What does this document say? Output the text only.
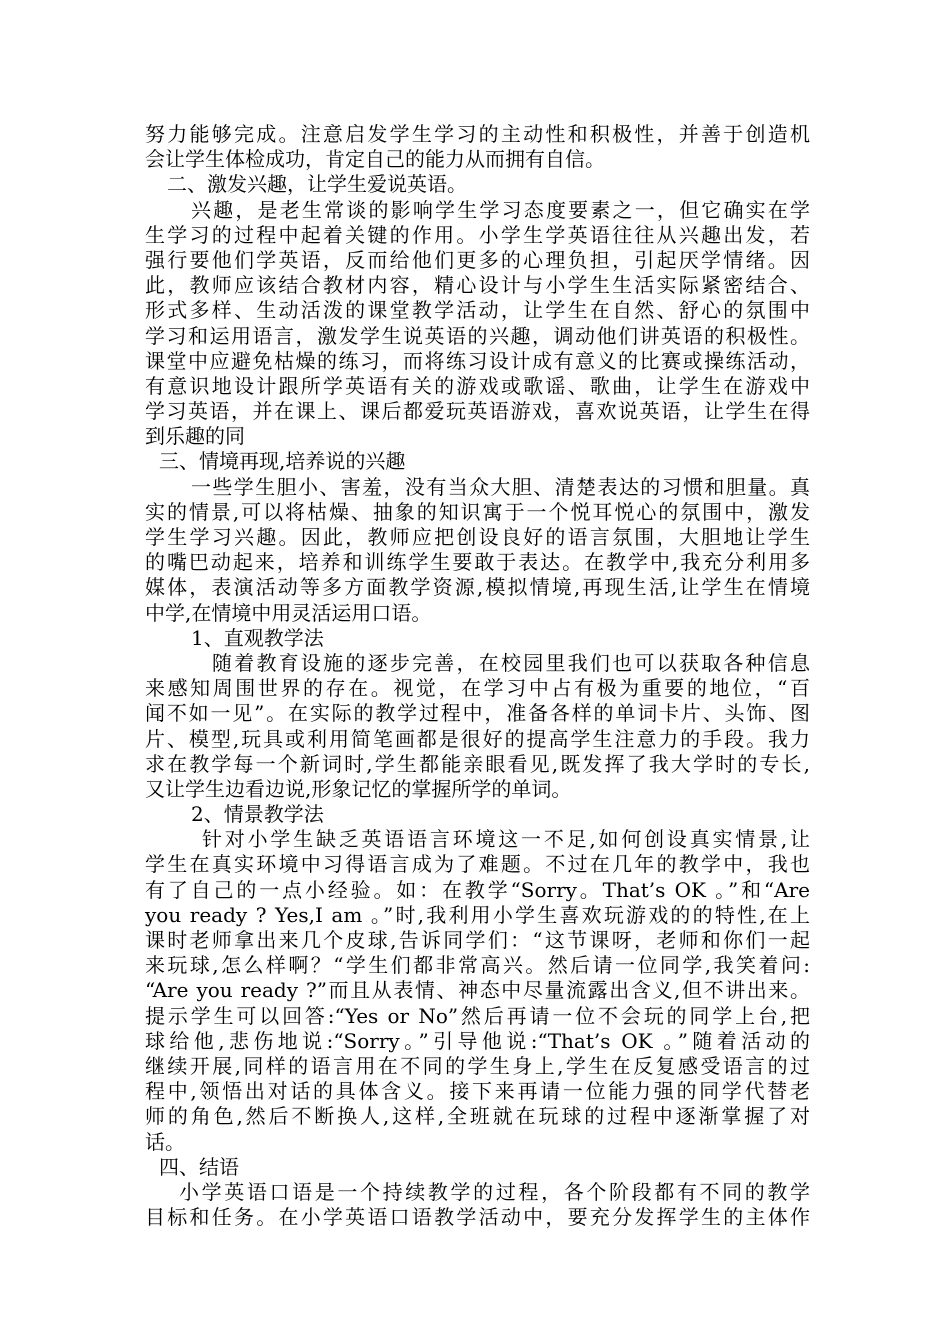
努力能够完成。注意启发学生学习的主动性和积极性，并善于创造机
会让学生体检成功，肯定自己的能力从而拥有自信。
二、激发兴趣，让学生爱说英语。
兴趣，是老生常谈的影响学生学习态度要素之一，但它确实在学
生学习的过程中起着关键的作用。小学生学英语往往从兴趣出发，若
强行要他们学英语，反而给他们更多的心理负担，引起厌学情绪。因
此，教师应该结合教材内容，精心设计与小学生生活实际紧密结合、
形式多样、生动活泼的课堂教学活动，让学生在自然、舒心的氛围中
学习和运用语言，激发学生说英语的兴趣，调动他们讲英语的积极性。
课堂中应避免枯燥的练习，而将练习设计成有意义的比赛或操练活动，
有意识地设计跟所学英语有关的游戏或歌谣、歌曲，让学生在游戏中
学习英语，并在课上、课后都爱玩英语游戏，喜欢说英语，让学生在得
到乐趣的同
三、情境再现,培养说的兴趣
一些学生胆小、害羞，没有当众大胆、清楚表达的习惯和胆量。真
实的情景,可以将枯燥、抽象的知识寓于一个悦耳悦心的氛围中，激发
学生学习兴趣。因此，教师应把创设良好的语言氛围，大胆地让学生
的嘴巴动起来，培养和训练学生要敢于表达。在教学中,我充分利用多
媒体，表演活动等多方面教学资源,模拟情境,再现生活,让学生在情境
中学,在情境中用灵活运用口语。
1、直观教学法
随着教育设施的逐步完善，在校园里我们也可以获取各种信息
来感知周围世界的存在。视觉，在学习中占有极为重要的地位，“百
闻不如一见”。在实际的教学过程中，准备各样的单词卡片、头饰、图
片、模型,玩具或利用简笔画都是很好的提高学生注意力的手段。我力
求在教学每一个新词时,学生都能亲眼看见,既发挥了我大学时的专长,
又让学生边看边说,形象记忆的掌握所学的单词。
2、情景教学法
针对小学生缺乏英语语言环境这一不足,如何创设真实情景,让
学生在真实环境中习得语言成为了难题。不过在几年的教学中，我也
有了自己的一点小经验。如：在教学“Sorry。That’s OK 。”和“Are
you ready ? Yes,I am 。”时,我利用小学生喜欢玩游戏的的特性,在上
课时老师拿出来几个皮球,告诉同学们：“这节课呀，老师和你们一起
来玩球,怎么样啊？“学生们都非常高兴。然后请一位同学,我笑着问:
“Are you ready ?”而且从表情、神态中尽量流露出含义,但不讲出来。
提示学生可以回答:“Yes or No”然后再请一位不会玩的同学上台,把
球给他,悲伤地说:“Sorry。”引导他说:“That’s OK 。”随着活动的
继续开展,同样的语言用在不同的学生身上,学生在反复感受语言的过
程中,领悟出对话的具体含义。接下来再请一位能力强的同学代替老
师的角色,然后不断换人,这样,全班就在玩球的过程中逐渐掌握了对
话。
四、结语
小学英语口语是一个持续教学的过程，各个阶段都有不同的教学
目标和任务。在小学英语口语教学活动中，要充分发挥学生的主体作
